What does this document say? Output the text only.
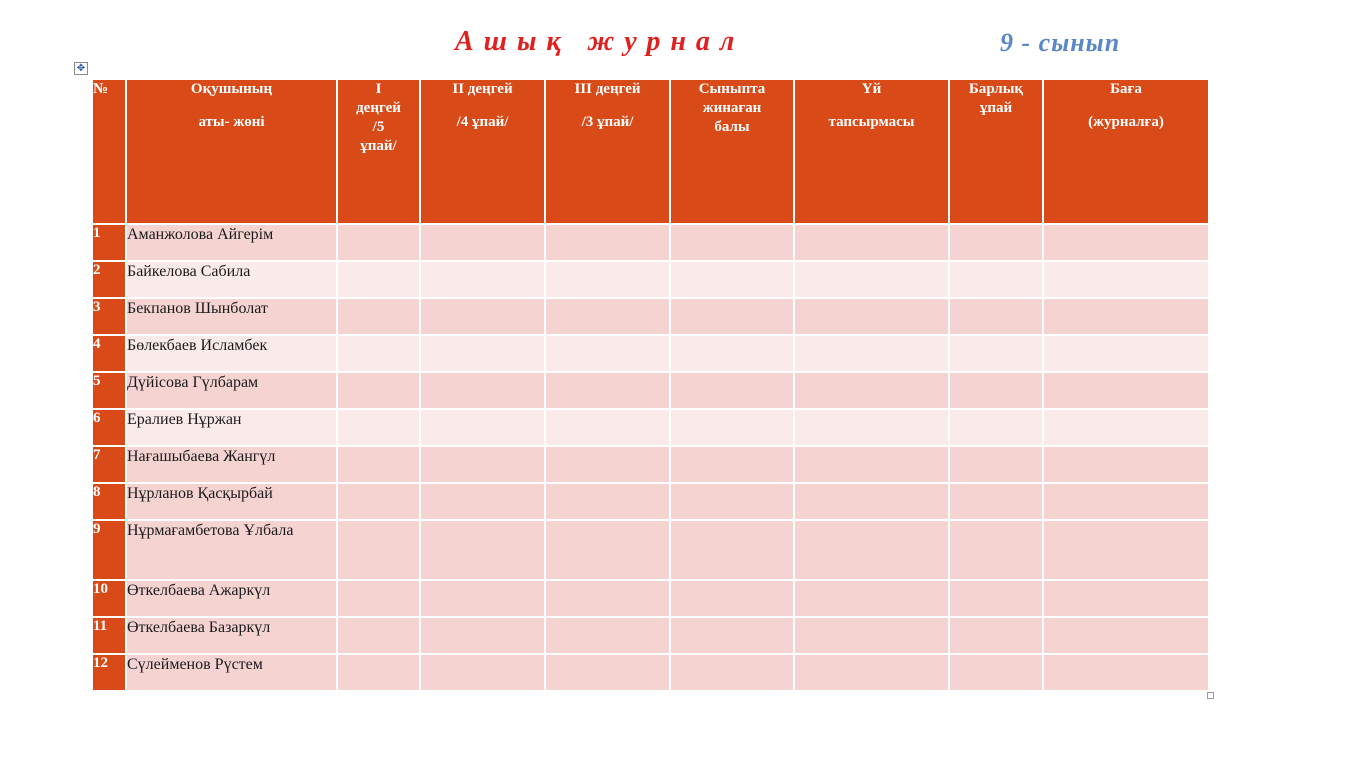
Ашық журнал	9 - сынып
✥
№	Оқушының
аты- жөні	І
деңгей
/5
ұпай/	ІІ деңгей
/4 ұпай/	ІІІ деңгей
/3 ұпай/	Сыныпта
жинаған
балы	Үй
тапсырмасы	Барлық
ұпай	Баға
(журналға)

1	Аманжолова Айгерім							
2	Байкелова Сабила							
3	Бекпанов Шынболат							
4	Бөлекбаев Исламбек							
5	Дүйісова Гүлбарам							
6	Ералиев Нұржан							
7	Нағашыбаева Жангүл							
8	Нұрланов Қасқырбай							
9	Нұрмағамбетова Ұлбала							
10	Өткелбаева Ажаркүл							
11	Өткелбаева Базаркүл							
12	Сүлейменов Рүстем							
